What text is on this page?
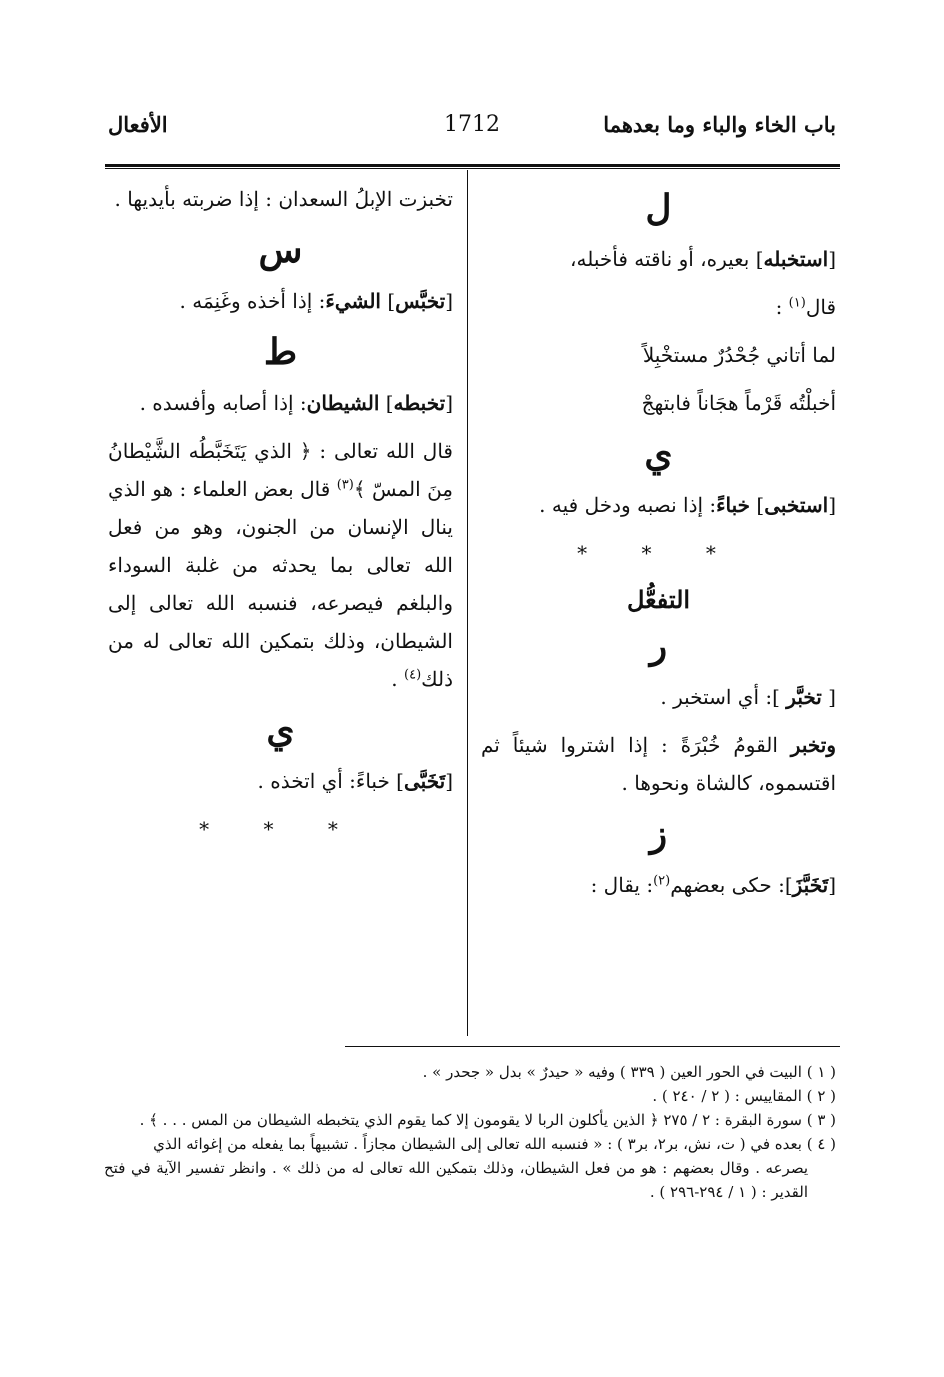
باب الخاء والباء وما بعدهما
1712
الأفعال
ل

[استخبله] بعيره، أو ناقته فأخبله،

قال$^{(١)}$ :

لما أتاني جُحْدُرٌ مستخْبِلاً

أخبلْتُه قَرْماً هجَاناً فابتهجْ

ي

[استخبى] خباءً: إذا نصبه ودخل فيه .

* * *
التفعُّل
ر

[ تخبَّر ]: أي استخبر .

وتخبر القومُ خُبْرَةً : إذا اشتروا شيئاً ثم اقتسموه، كالشاة ونحوها .

ز

[تَخَبَّزَ]: حكى بعضهم$^{(٢)}$: يقال :

تخبزت الإبلُ السعدان : إذا ضربته بأيديها .

س

[تخبَّس] الشيءَ: إذا أخذه وغَنِمَه .

ط

[تخبطه] الشيطان: إذا أصابه وأفسده .

قال الله تعالى : ﴿ الذي يَتَخَبَّطُه الشَّيْطانُ مِنَ المسّ ﴾$^{(٣)}$ قال بعض العلماء : هو الذي ينال الإنسان من الجنون، وهو من فعل الله تعالى بما يحدثه من غلبة السوداء والبلغم فيصرعه، فنسبه الله تعالى إلى الشيطان، وذلك بتمكين الله تعالى له من ذلك$^{(٤)}$ .

ي

[تَخَبَّى] خباءً: أي اتخذه .

* * *

( ١ ) البيت في الحور العين ( ٣٣٩ ) وفيه « حيدرٌ » بدل « جحدر » .

( ٢ ) المقاييس : ( ٢ / ٢٤٠ ) .

( ٣ ) سورة البقرة : ٢ / ٢٧٥ ﴿ الذين يأكلون الربا لا يقومون إلا كما يقوم الذي يتخبطه الشيطان من المس . . . ﴾ .

( ٤ ) بعده في ( ت، نش، بر٢، بر٣ ) : « فنسبه الله تعالى إلى الشيطان مجازاً . تشبيهاً بما يفعله من إغوائه الذي

يصرعه . وقال بعضهم : هو من فعل الشيطان، وذلك بتمكين الله تعالى له من ذلك » . وانظر تفسير الآية في فتح القدير : ( ١ / ٢٩٤-٢٩٦ ) .
